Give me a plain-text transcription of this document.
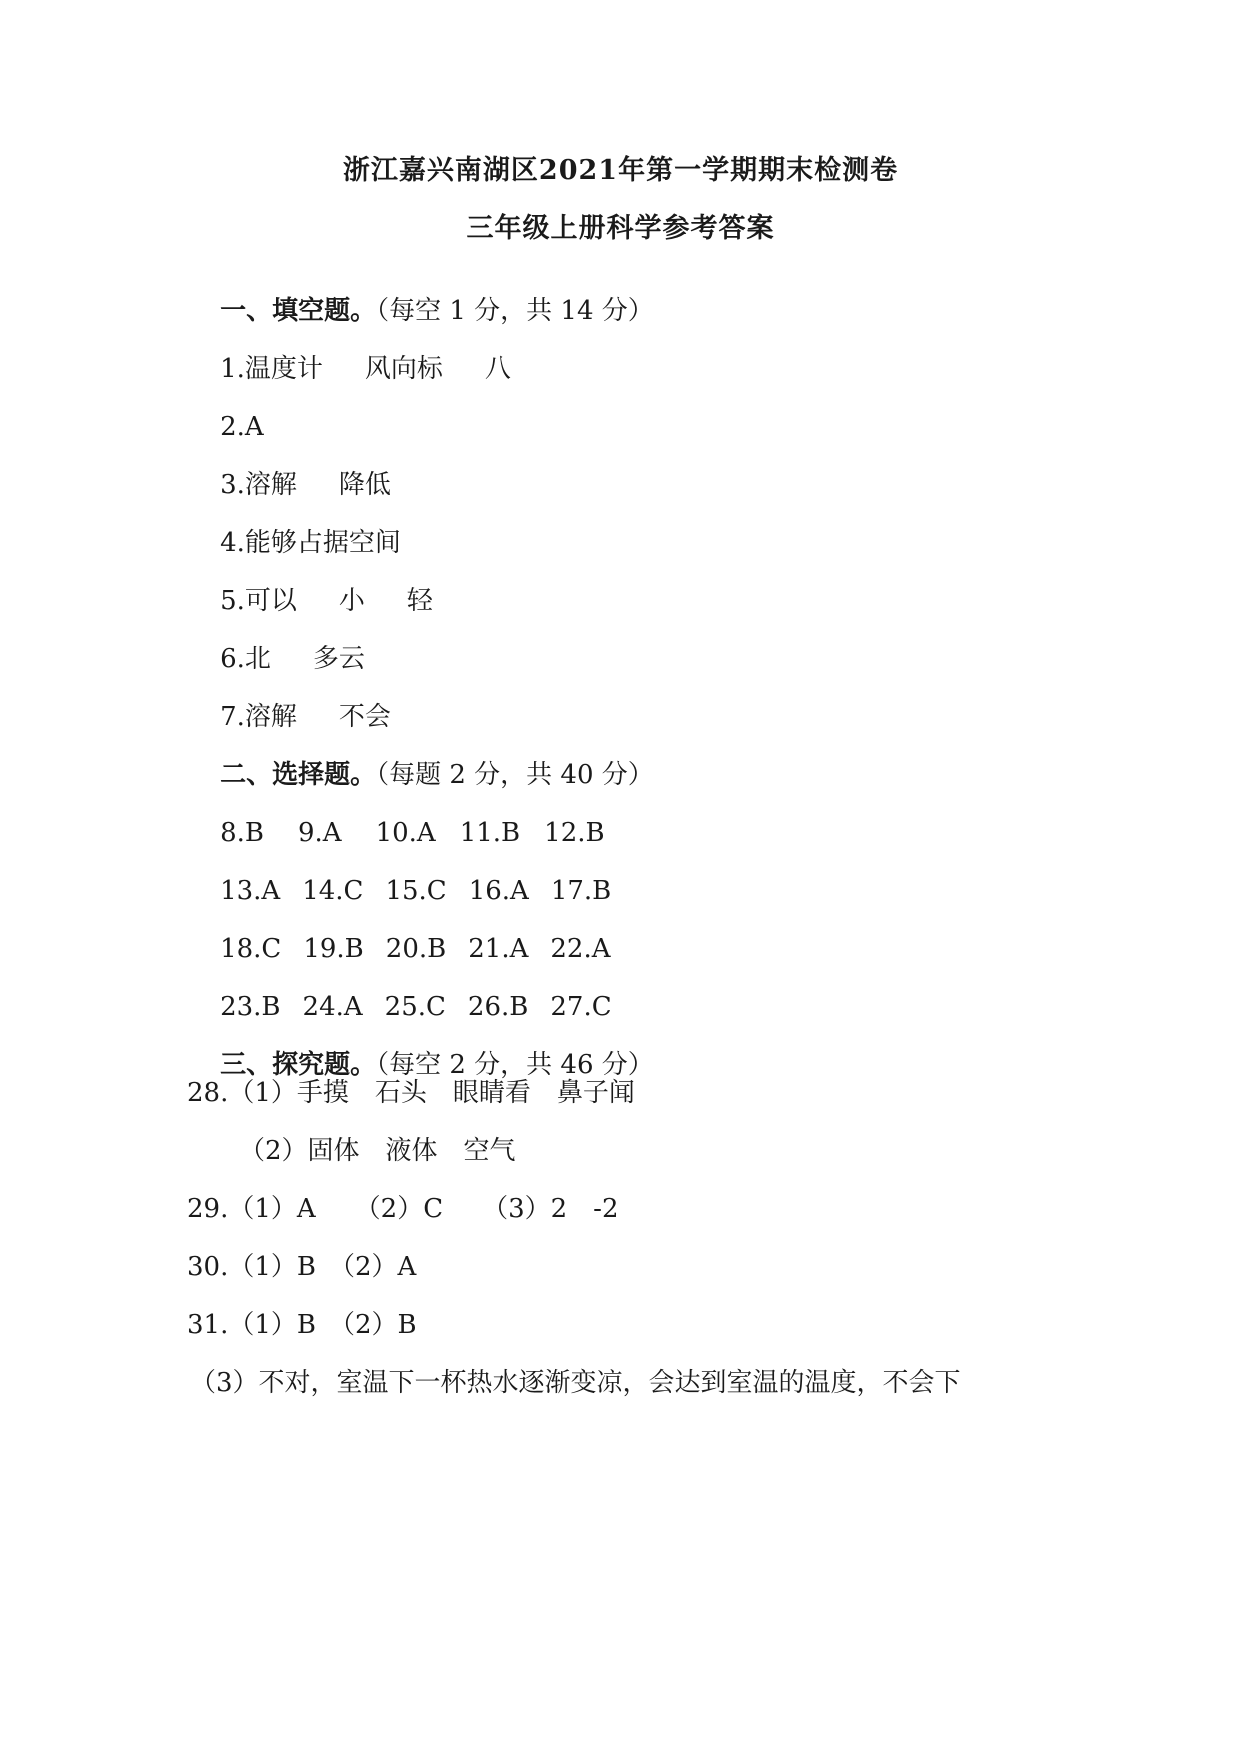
浙江嘉兴南湖区2021年第一学期期末检测卷
三年级上册科学参考答案

一、填空题。（每空 1 分，共 14 分）

1.温度计 风向标 八

2.A

3.溶解 降低

4.能够占据空间

5.可以 小 轻

6.北 多云

7.溶解 不会

二、选择题。（每题 2 分，共 40 分）

8.B 9.A 10.A 11.B 12.B

13.A 14.C 15.C 16.A 17.B

18.C 19.B 20.B 21.A 22.A

23.B 24.A 25.C 26.B 27.C

三、探究题。（每空 2 分，共 46 分）

28.（1）手摸　石头　眼睛看　鼻子闻
（2）固体　液体　空气
29.（1）A　　（2）C　　（3）2　-2
30.（1）B　（2）A
31.（1）B　（2）B
（3）不对，室温下一杯热水逐渐变凉，会达到室温的温度，不会下
